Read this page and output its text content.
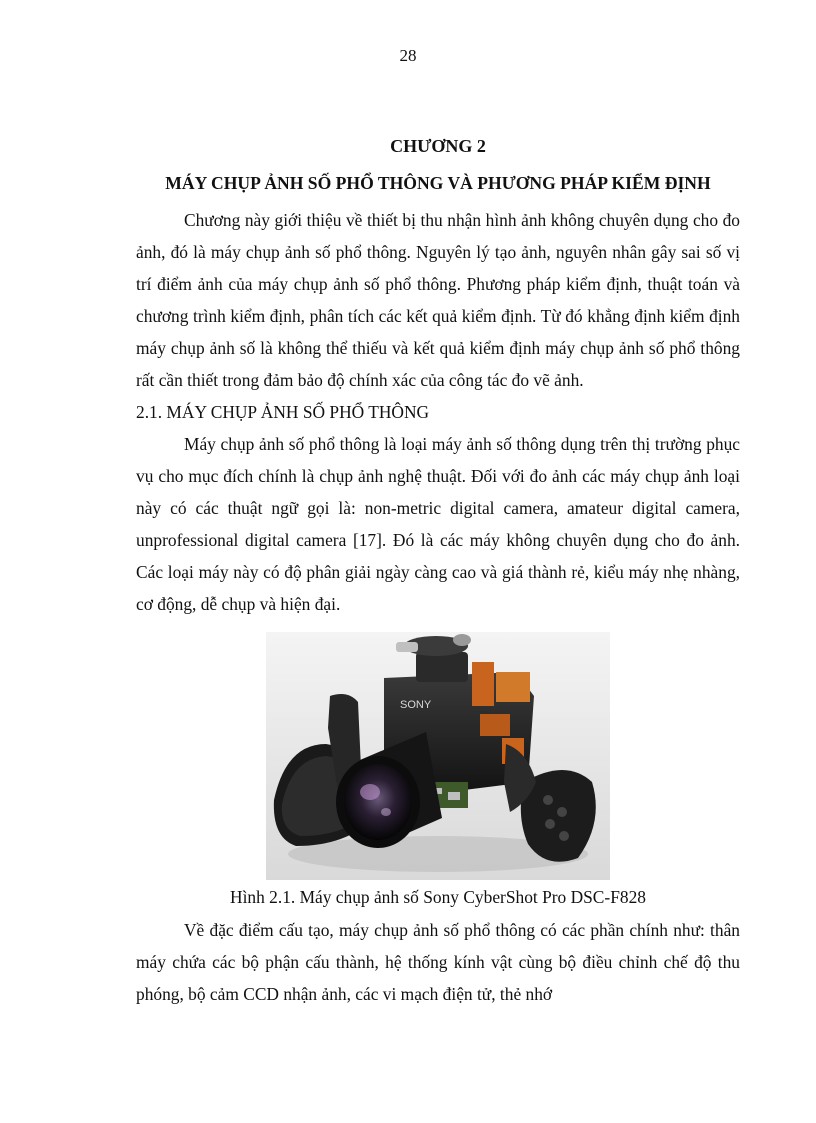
28
CHƯƠNG 2
MÁY CHỤP ẢNH SỐ PHỔ THÔNG VÀ PHƯƠNG PHÁP KIỂM ĐỊNH

Chương này giới thiệu về thiết bị thu nhận hình ảnh không chuyên dụng cho đo ảnh, đó là máy chụp ảnh số phổ thông. Nguyên lý tạo ảnh, nguyên nhân gây sai số vị trí điểm ảnh của máy chụp ảnh số phổ thông. Phương pháp kiểm định, thuật toán và chương trình kiểm định, phân tích các kết quả kiểm định. Từ đó khẳng định kiểm định máy chụp ảnh số là không thể thiếu và kết quả kiểm định máy chụp ảnh số phổ thông rất cần thiết trong đảm bảo độ chính xác của công tác đo vẽ ảnh.

2.1. MÁY CHỤP ẢNH SỐ PHỔ THÔNG

Máy chụp ảnh số phổ thông là loại máy ảnh số thông dụng trên thị trường phục vụ cho mục đích chính là chụp ảnh nghệ thuật. Đối với đo ảnh các máy chụp ảnh loại này có các thuật ngữ gọi là: non-metric digital camera, amateur digital camera, unprofessional digital camera [17]. Đó là các máy không chuyên dụng cho đo ảnh. Các loại máy này có độ phân giải ngày càng cao và giá thành rẻ, kiểu máy nhẹ nhàng, cơ động, dễ chụp và hiện đại.

SONY

Hình 2.1. Máy chụp ảnh số Sony CyberShot Pro DSC-F828

Về đặc điểm cấu tạo, máy chụp ảnh số phổ thông có các phần chính như: thân máy chứa các bộ phận cấu thành, hệ thống kính vật cùng bộ điều chỉnh chế độ thu phóng, bộ cảm CCD nhận ảnh, các vi mạch điện tử, thẻ nhớ
